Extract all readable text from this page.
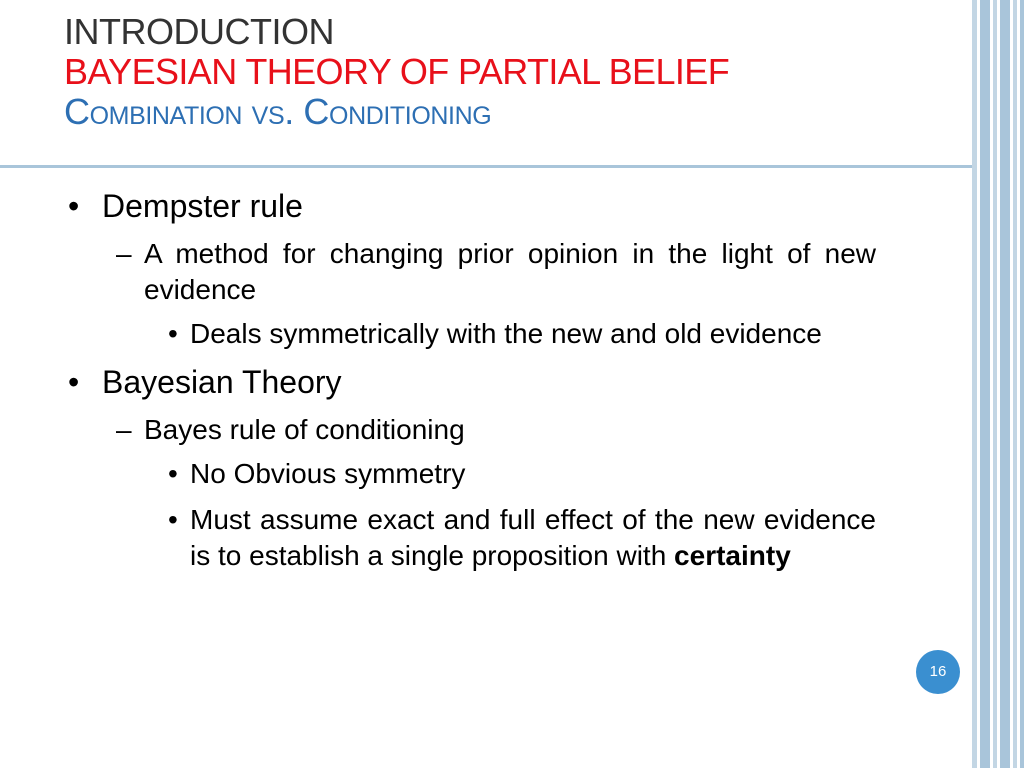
INTRODUCTION
BAYESIAN THEORY OF PARTIAL BELIEF
Combination vs. Conditioning
• Dempster rule
– A method for changing prior opinion in the light of new evidence
• Deals symmetrically with the new and old evidence
• Bayesian Theory
– Bayes rule of conditioning
• No Obvious symmetry
• Must assume exact and full effect of the new evidence is to establish a single proposition with certainty
16
